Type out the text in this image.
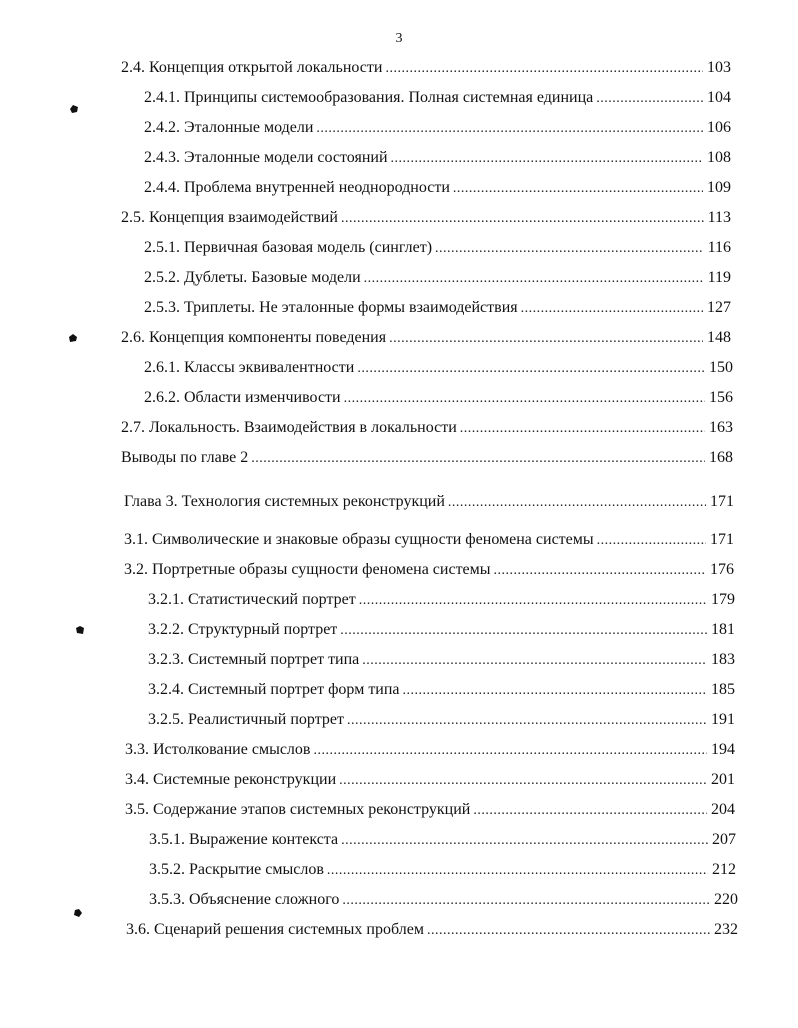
3
2.4. Концепция открытой локальности .....	103
2.4.1. Принципы системообразования. Полная системная единица .....	104
2.4.2. Эталонные модели .....	106
2.4.3. Эталонные модели состояний .....	108
2.4.4. Проблема внутренней неоднородности .....	109
2.5. Концепция взаимодействий .....	113
2.5.1. Первичная базовая модель (синглет) .....	116
2.5.2. Дублеты. Базовые модели .....	119
2.5.3. Триплеты. Не эталонные формы взаимодействия .....	127
2.6. Концепция компоненты поведения .....	148
2.6.1. Классы эквивалентности .....	150
2.6.2. Области изменчивости .....	156
2.7. Локальность. Взаимодействия в локальности .....	163
Выводы по главе 2 .....	168
Глава 3. Технология системных реконструкций .....	171
3.1. Символические и знаковые образы сущности феномена системы .....	171
3.2. Портретные образы сущности феномена системы .....	176
3.2.1. Статистический портрет .....	179
3.2.2. Структурный портрет .....	181
3.2.3. Системный портрет типа .....	183
3.2.4. Системный портрет форм типа .....	185
3.2.5. Реалистичный портрет .....	191
3.3. Истолкование смыслов .....	194
3.4. Системные реконструкции .....	201
3.5. Содержание этапов системных реконструкций .....	204
3.5.1. Выражение контекста .....	207
3.5.2. Раскрытие смыслов .....	212
3.5.3. Объяснение сложного .....	220
3.6. Сценарий решения системных проблем .....	232
